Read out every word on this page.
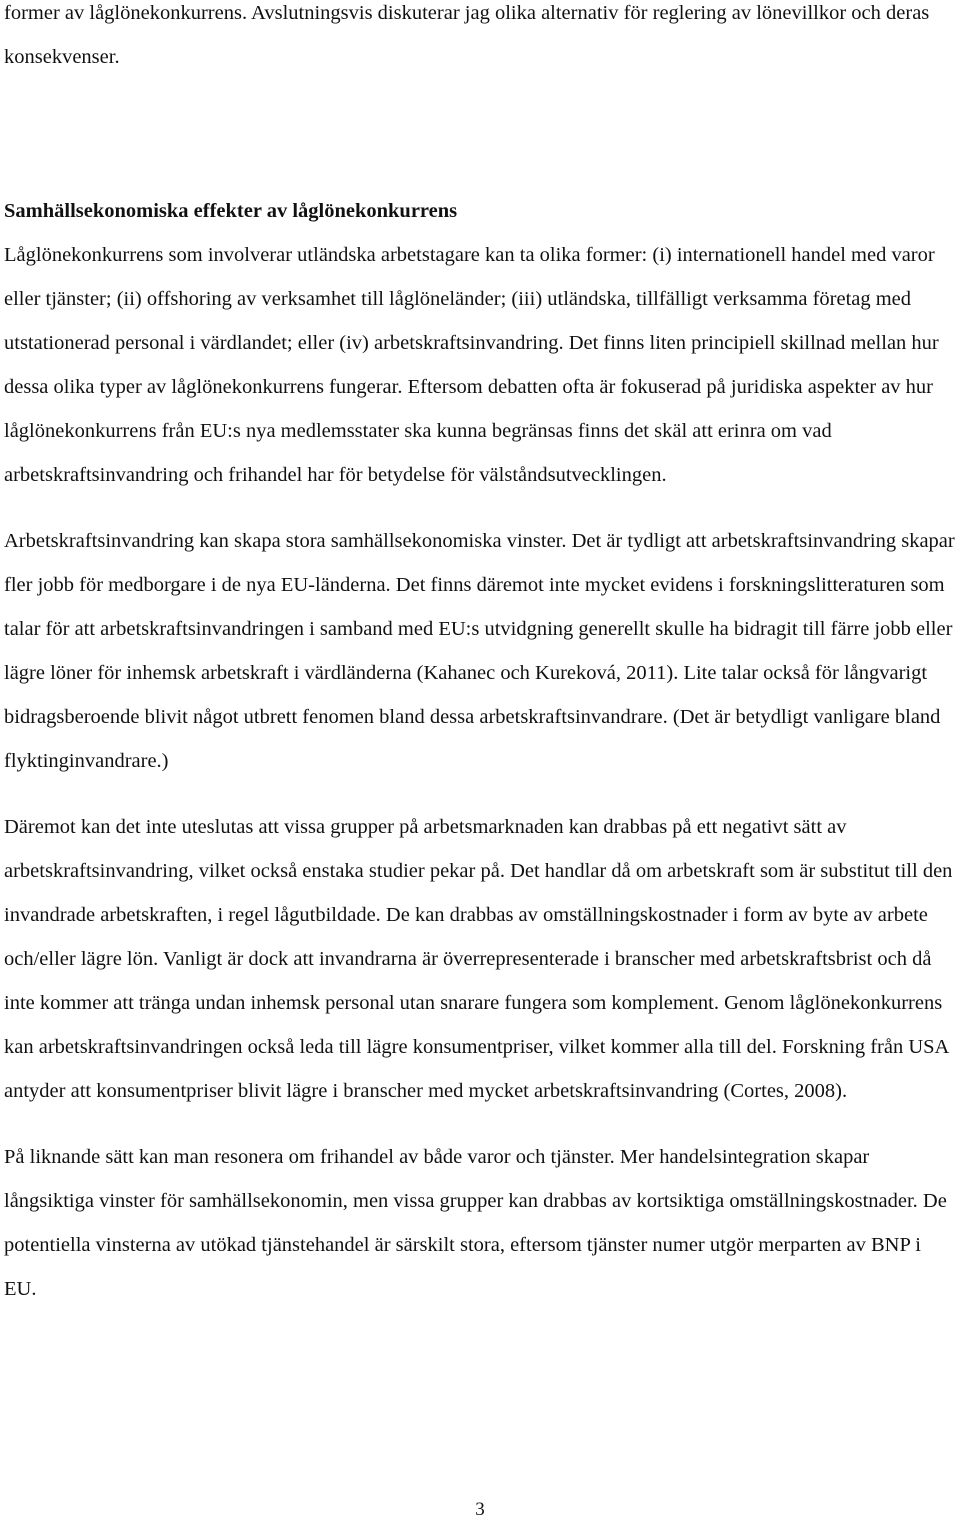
former av låglönekonkurrens. Avslutningsvis diskuterar jag olika alternativ för reglering av lönevillkor och deras konsekvenser.

Samhällsekonomiska effekter av låglönekonkurrens

Låglönekonkurrens som involverar utländska arbetstagare kan ta olika former: (i) internationell handel med varor eller tjänster; (ii) offshoring av verksamhet till låglöneländer; (iii) utländska, tillfälligt verksamma företag med utstationerad personal i värdlandet; eller (iv) arbetskraftsinvandring. Det finns liten principiell skillnad mellan hur dessa olika typer av låglönekonkurrens fungerar. Eftersom debatten ofta är fokuserad på juridiska aspekter av hur låglönekonkurrens från EU:s nya medlemsstater ska kunna begränsas finns det skäl att erinra om vad arbetskraftsinvandring och frihandel har för betydelse för välståndsutvecklingen.

Arbetskraftsinvandring kan skapa stora samhällsekonomiska vinster. Det är tydligt att arbetskraftsinvandring skapar fler jobb för medborgare i de nya EU-länderna. Det finns däremot inte mycket evidens i forskningslitteraturen som talar för att arbetskraftsinvandringen i samband med EU:s utvidgning generellt skulle ha bidragit till färre jobb eller lägre löner för inhemsk arbetskraft i värdländerna (Kahanec och Kureková, 2011). Lite talar också för långvarigt bidragsberoende blivit något utbrett fenomen bland dessa arbetskraftsinvandrare. (Det är betydligt vanligare bland flyktinginvandrare.)

Däremot kan det inte uteslutas att vissa grupper på arbetsmarknaden kan drabbas på ett negativt sätt av arbetskraftsinvandring, vilket också enstaka studier pekar på. Det handlar då om arbetskraft som är substitut till den invandrade arbetskraften, i regel lågutbildade. De kan drabbas av omställningskostnader i form av byte av arbete och/eller lägre lön. Vanligt är dock att invandrarna är överrepresenterade i branscher med arbetskraftsbrist och då inte kommer att tränga undan inhemsk personal utan snarare fungera som komplement. Genom låglönekonkurrens kan arbetskraftsinvandringen också leda till lägre konsumentpriser, vilket kommer alla till del. Forskning från USA antyder att konsumentpriser blivit lägre i branscher med mycket arbetskraftsinvandring (Cortes, 2008).

På liknande sätt kan man resonera om frihandel av både varor och tjänster. Mer handelsintegration skapar långsiktiga vinster för samhällsekonomin, men vissa grupper kan drabbas av kortsiktiga omställningskostnader. De potentiella vinsterna av utökad tjänstehandel är särskilt stora, eftersom tjänster numer utgör merparten av BNP i EU.

3
